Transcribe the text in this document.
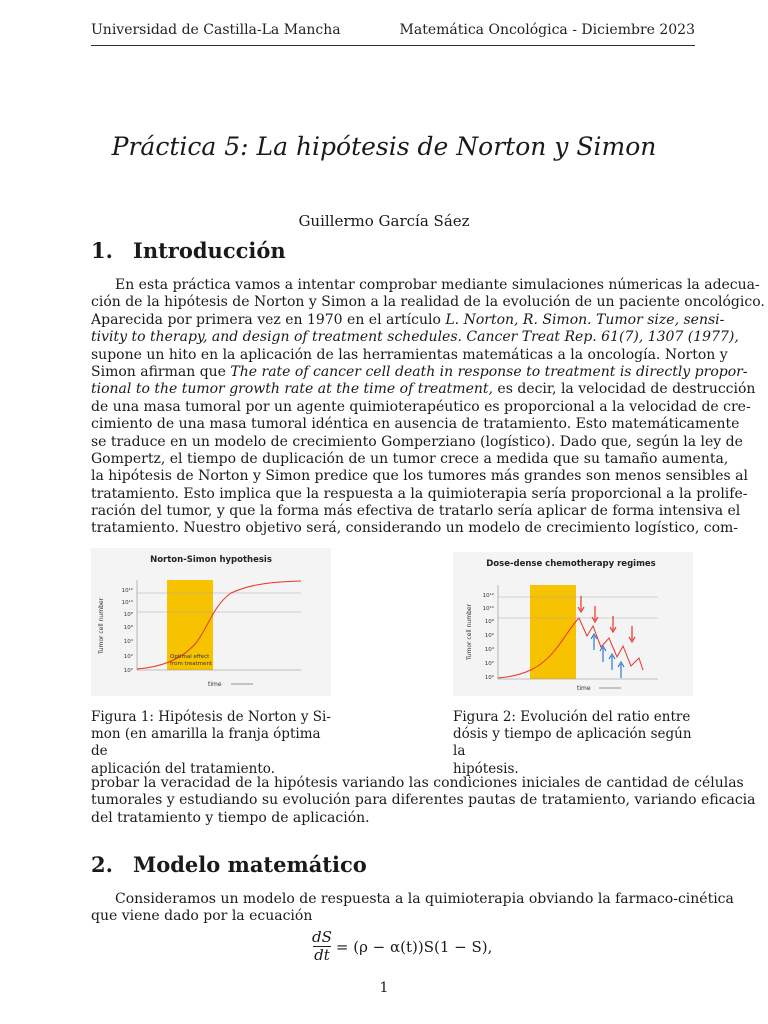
Universidad de Castilla-La Mancha	Matemática Oncológica - Diciembre 2023
Práctica 5: La hipótesis de Norton y Simon
Guillermo García Sáez
1. Introducción
En esta práctica vamos a intentar comprobar mediante simulaciones númericas la adecua-
ción de la hipótesis de Norton y Simon a la realidad de la evolución de un paciente oncológico.
Aparecida por primera vez en 1970 en el artículo L. Norton, R. Simon. Tumor size, sensi-
tivity to therapy, and design of treatment schedules. Cancer Treat Rep. 61(7), 1307 (1977),
supone un hito en la aplicación de las herramientas matemáticas a la oncología. Norton y
Simon afirman que The rate of cancer cell death in response to treatment is directly propor-
tional to the tumor growth rate at the time of treatment, es decir, la velocidad de destrucción
de una masa tumoral por un agente quimioterapéutico es proporcional a la velocidad de cre-
cimiento de una masa tumoral idéntica en ausencia de tratamiento. Esto matemáticamente
se traduce en un modelo de crecimiento Gomperziano (logístico). Dado que, según la ley de
Gompertz, el tiempo de duplicación de un tumor crece a medida que su tamaño aumenta,
la hipótesis de Norton y Simon predice que los tumores más grandes son menos sensibles al
tratamiento. Esto implica que la respuesta a la quimioterapia sería proporcional a la prolife-
ración del tumor, y que la forma más efectiva de tratarlo sería aplicar de forma intensiva el
tratamiento. Nuestro objetivo será, considerando un modelo de crecimiento logístico, com-
Norton-Simon hypothesis
10¹²
10¹⁰
10⁸
10⁶
10⁴
10²
10⁰
Tumor cell number
time
Optimal effect
from treatment
Dose-dense chemotherapy regimes
10¹²
10¹⁰
10⁸
10⁶
10⁴
10²
10⁰
Tumor cell number
time
Figura 1: Hipótesis de Norton y Si-
mon (en amarilla la franja óptima de
aplicación del tratamiento.
Figura 2: Evolución del ratio entre
dósis y tiempo de aplicación según la
hipótesis.
probar la veracidad de la hipótesis variando las condiciones iniciales de cantidad de células
tumorales y estudiando su evolución para diferentes pautas de tratamiento, variando eficacia
del tratamiento y tiempo de aplicación.
2. Modelo matemático
Consideramos un modelo de respuesta a la quimioterapia obviando la farmaco-cinética
que viene dado por la ecuación
dS
dt = (ρ − α(t))S(1 − S),
1
